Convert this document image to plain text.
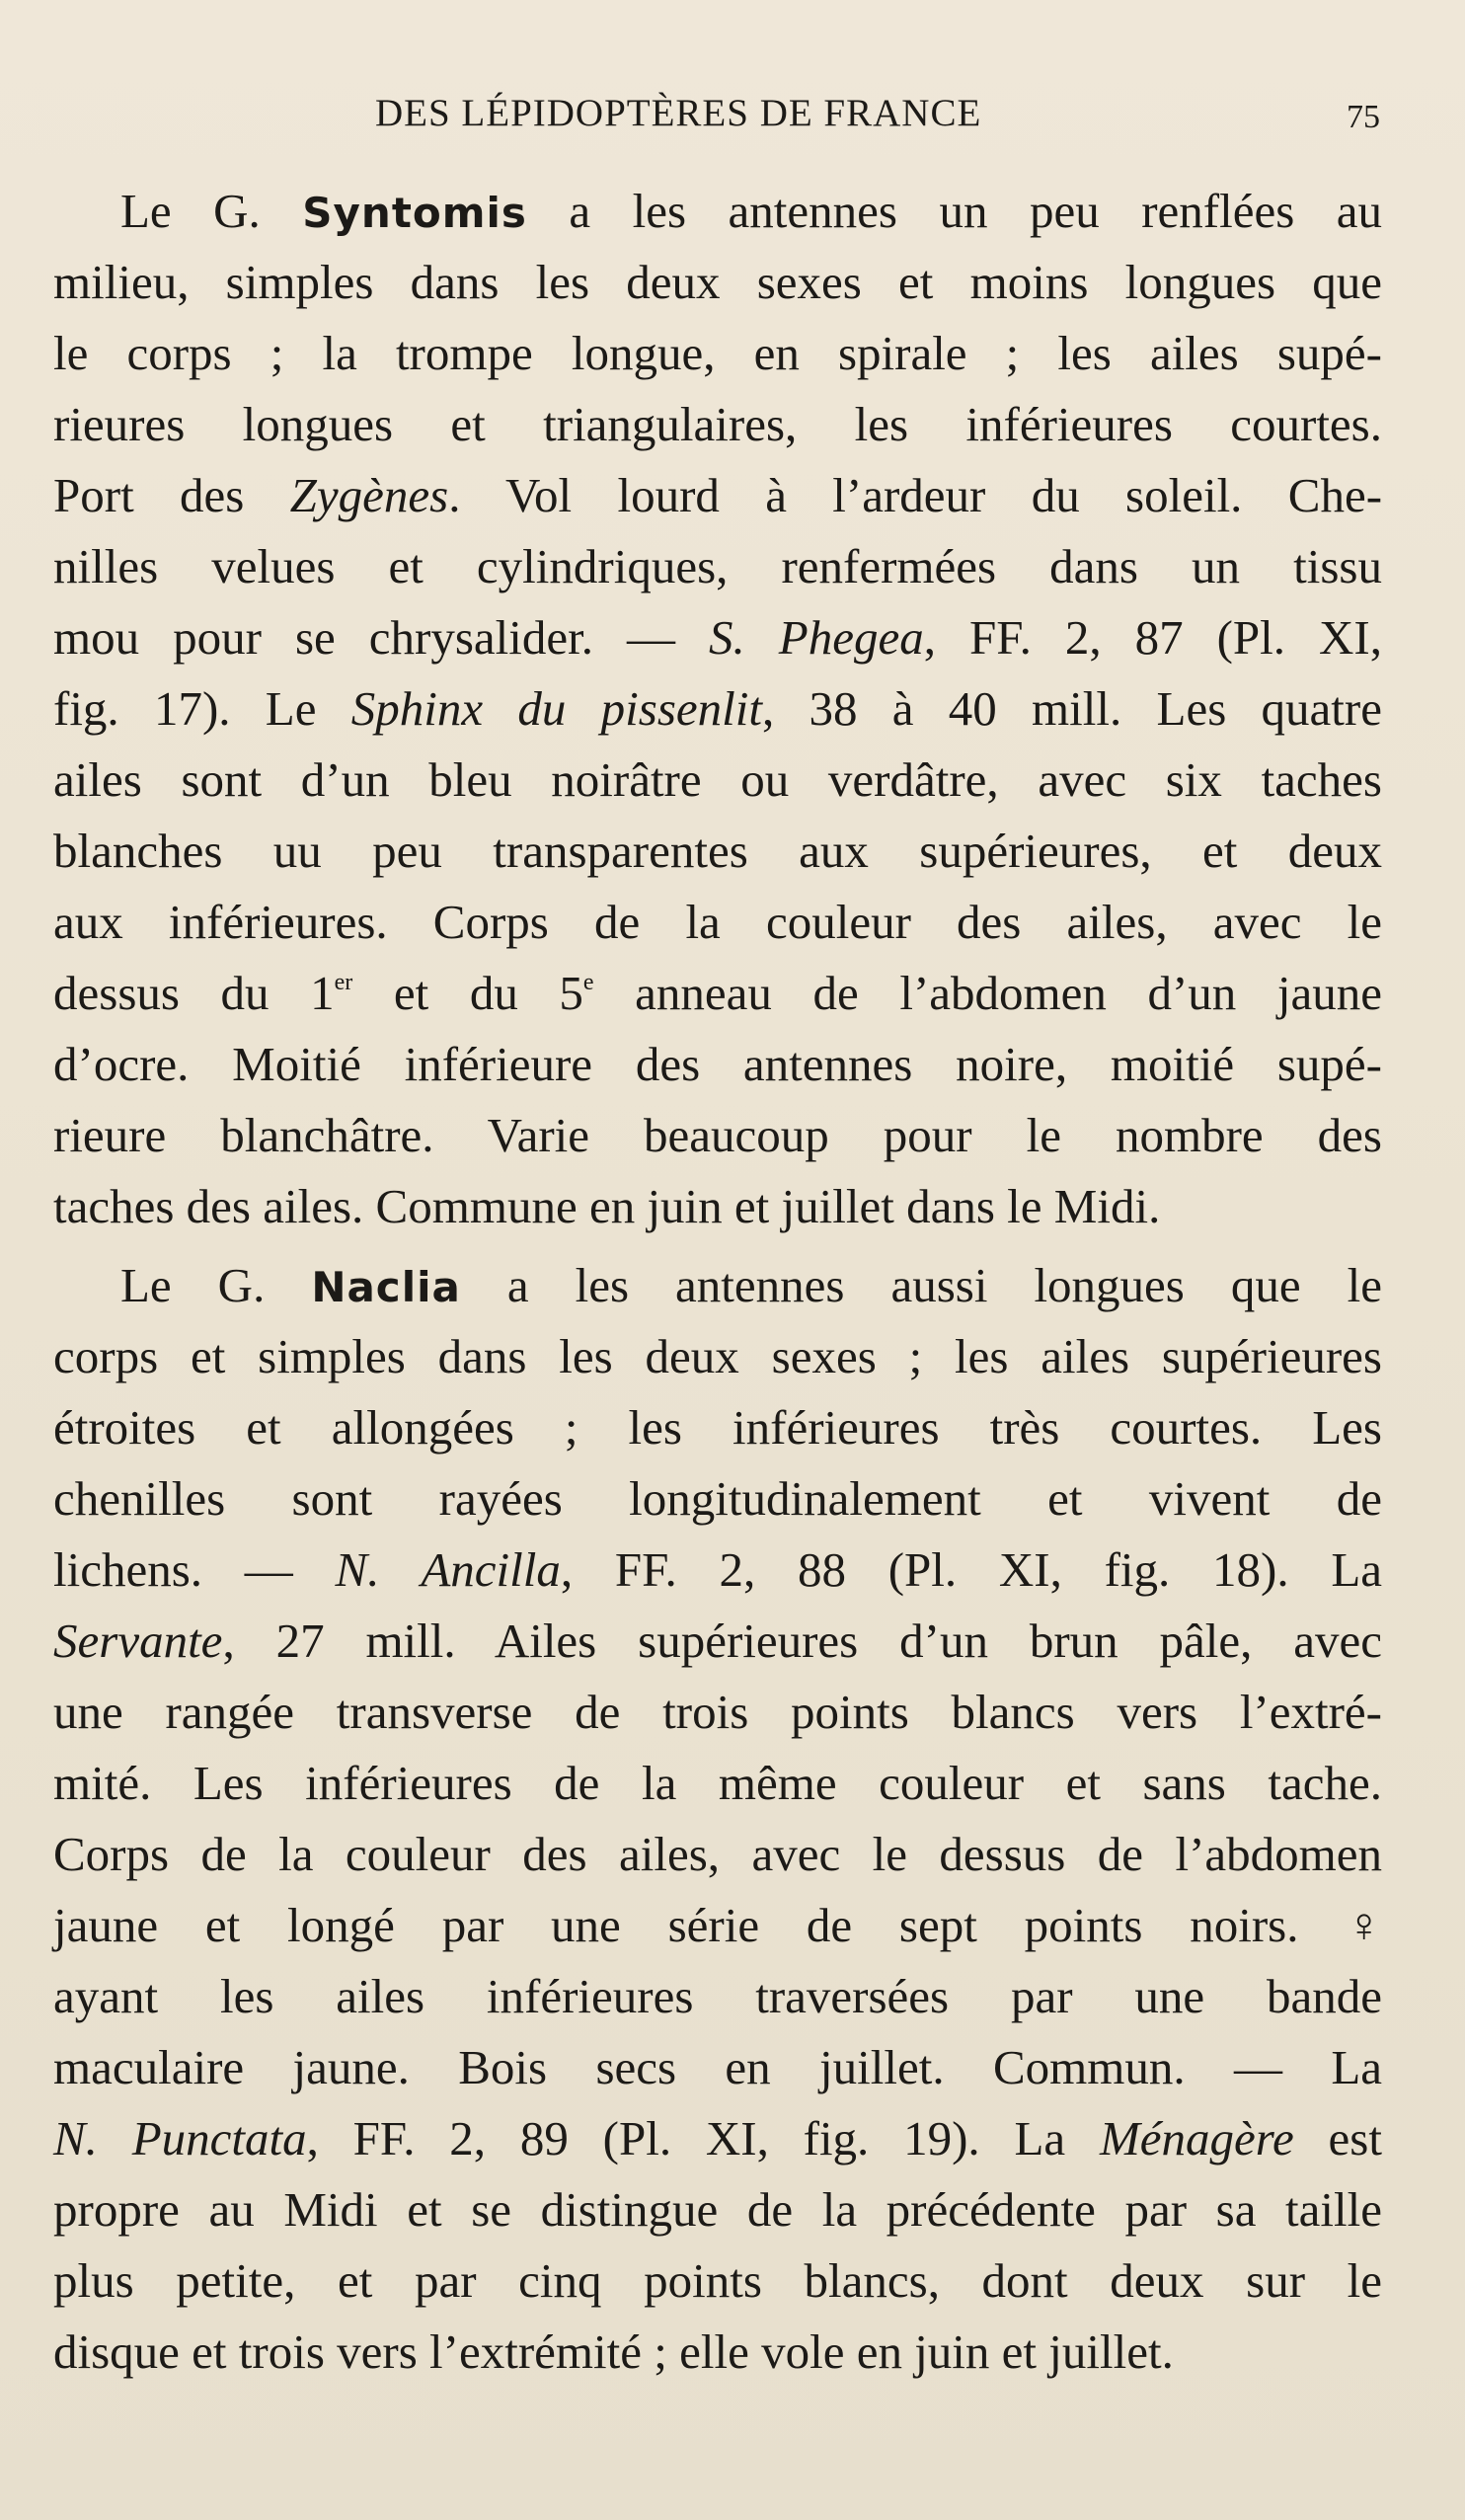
DES LÉPIDOPTÈRES DE FRANCE	75
Le G. Syntomis a les antennes un peu renflées au
milieu, simples dans les deux sexes et moins longues que
le corps ; la trompe longue, en spirale ; les ailes supé-
rieures longues et triangulaires, les inférieures courtes.
Port des Zygènes. Vol lourd à l’ardeur du soleil. Che-
nilles velues et cylindriques, renfermées dans un tissu
mou pour se chrysalider. — S. Phegea, FF. 2, 87 (Pl. XI,
fig. 17). Le Sphinx du pissenlit, 38 à 40 mill. Les quatre
ailes sont d’un bleu noirâtre ou verdâtre, avec six taches
blanches uu peu transparentes aux supérieures, et deux
aux inférieures. Corps de la couleur des ailes, avec le
dessus du 1er et du 5e anneau de l’abdomen d’un jaune
d’ocre. Moitié inférieure des antennes noire, moitié supé-
rieure blanchâtre. Varie beaucoup pour le nombre des
taches des ailes. Commune en juin et juillet dans le Midi.
Le G. Naclia a les antennes aussi longues que le
corps et simples dans les deux sexes ; les ailes supérieures
étroites et allongées ; les inférieures très courtes. Les
chenilles sont rayées longitudinalement et vivent de
lichens. — N. Ancilla, FF. 2, 88 (Pl. XI, fig. 18). La
Servante, 27 mill. Ailes supérieures d’un brun pâle, avec
une rangée transverse de trois points blancs vers l’extré-
mité. Les inférieures de la même couleur et sans tache.
Corps de la couleur des ailes, avec le dessus de l’abdomen
jaune et longé par une série de sept points noirs. ♀
ayant les ailes inférieures traversées par une bande
maculaire jaune. Bois secs en juillet. Commun. — La
N. Punctata, FF. 2, 89 (Pl. XI, fig. 19). La Ménagère est
propre au Midi et se distingue de la précédente par sa taille
plus petite, et par cinq points blancs, dont deux sur le
disque et trois vers l’extrémité ; elle vole en juin et juillet.
